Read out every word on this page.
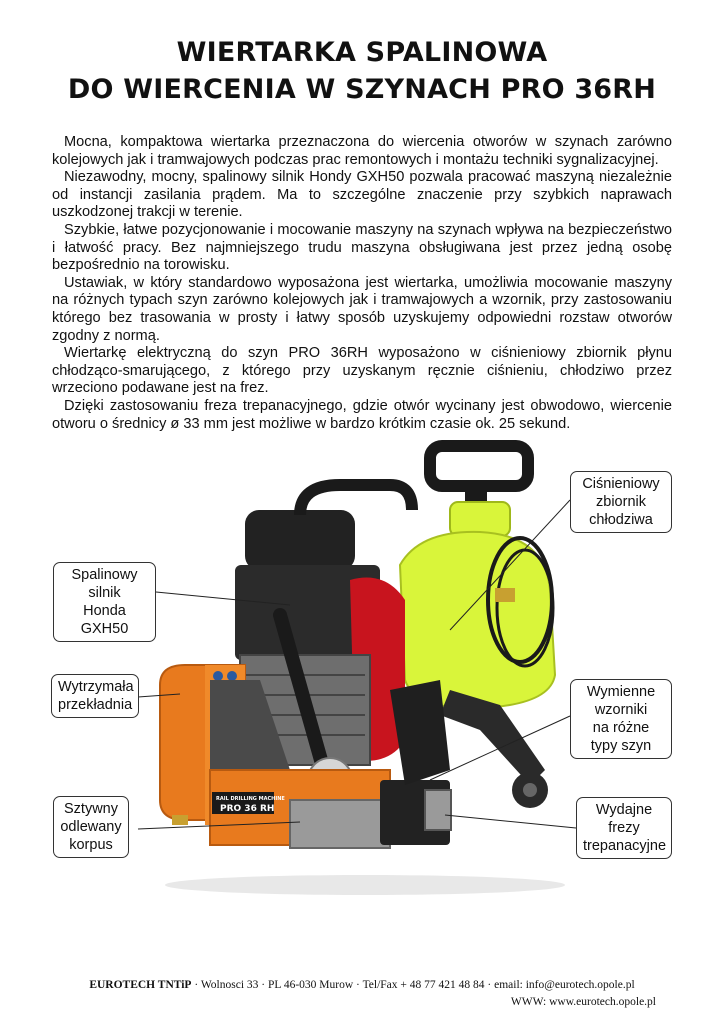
WIERTARKA SPALINOWA
DO WIERCENIA W SZYNACH PRO 36RH

Mocna, kompaktowa wiertarka przeznaczona do wiercenia otworów w szynach zarówno kolejowych jak i tramwajowych podczas prac remontowych i montażu techniki sygnalizacyjnej.

Niezawodny, mocny, spalinowy silnik Hondy GXH50 pozwala pracować maszyną niezależnie od instancji zasilania prądem. Ma to szczególne znaczenie przy szybkich naprawach uszkodzonej trakcji w terenie.

Szybkie, łatwe pozycjonowanie i mocowanie maszyny na szynach wpływa na bezpieczeństwo i łatwość pracy. Bez najmniejszego trudu maszyna obsługiwana jest przez jedną osobę bezpośrednio na torowisku.

Ustawiak, w który standardowo wyposażona jest wiertarka, umożliwia mocowanie maszyny na różnych typach szyn zarówno kolejowych jak i tramwajowych a wzornik, przy zastosowaniu którego bez trasowania w prosty i łatwy sposób uzyskujemy odpowiedni rozstaw otworów zgodny z normą.

Wiertarkę elektryczną do szyn PRO 36RH wyposażono w ciśnieniowy zbiornik płynu chłodząco-smarującego, z którego przy uzyskanym ręcznie ciśnieniu, chłodziwo przez wrzeciono podawane jest na frez.

Dzięki zastosowaniu freza trepanacyjnego, gdzie otwór wycinany jest obwodowo, wiercenie otworu o średnicy ø 33 mm jest możliwe w bardzo krótkim czasie ok. 25 sekund.

RAIL DRILLING MACHINE
PRO 36 RH
Spalinowy
silnik
Honda GXH50
Wytrzymała
przekładnia
Sztywny
odlewany
korpus
Ciśnieniowy
zbiornik
chłodziwa
Wymienne
wzorniki
na różne
typy szyn
Wydajne
frezy
trepanacyjne
EUROTECH TNTiP · Wolnosci 33 · PL 46-030 Murow · Tel/Fax + 48 77 421 48 84 · email: info@eurotech.opole.pl
WWW: www.eurotech.opole.pl
